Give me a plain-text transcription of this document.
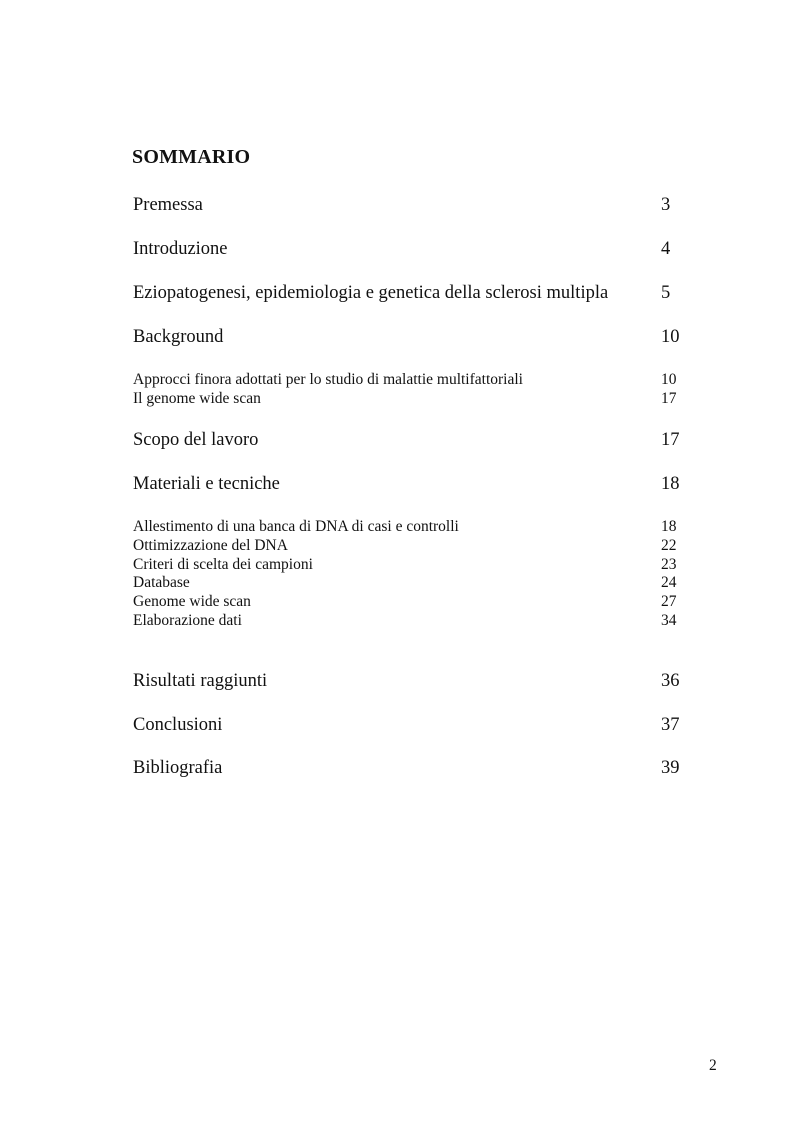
SOMMARIO
Premessa	3
Introduzione	4
Eziopatogenesi, epidemiologia e genetica della sclerosi multipla	5
Background	10
Approcci finora adottati per lo studio di malattie multifattoriali	10
Il genome wide scan	17
Scopo del lavoro	17
Materiali e tecniche	18
Allestimento di una banca di DNA di casi e controlli	18
Ottimizzazione del DNA	22
Criteri di scelta dei campioni	23
Database	24
Genome wide scan	27
Elaborazione dati	34
Risultati raggiunti	36
Conclusioni	37
Bibliografia	39
2
